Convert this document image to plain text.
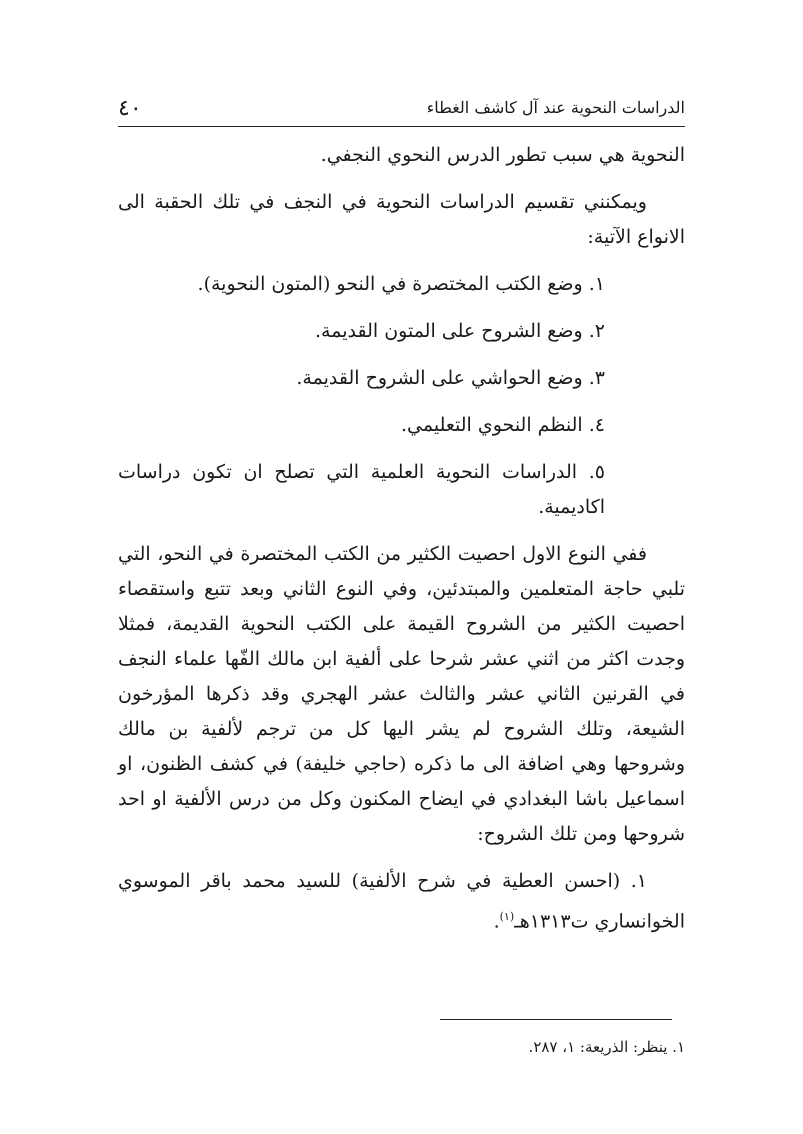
٤٠	الدراسات النحوية عند آل كاشف الغطاء

النحوية هي سبب تطور الدرس النحوي النجفي.

ويمكنني تقسيم الدراسات النحوية في النجف في تلك الحقبة الى الانواع الآتية:

١. وضع الكتب المختصرة في النحو (المتون النحوية).

٢. وضع الشروح على المتون القديمة.

٣. وضع الحواشي على الشروح القديمة.

٤. النظم النحوي التعليمي.

٥. الدراسات النحوية العلمية التي تصلح ان تكون دراسات اكاديمية.

ففي النوع الاول احصيت الكثير من الكتب المختصرة في النحو، التي تلبي حاجة المتعلمين والمبتدئين، وفي النوع الثاني وبعد تتبع واستقصاء احصيت الكثير من الشروح القيمة على الكتب النحوية القديمة، فمثلا وجدت اكثر من اثني عشر شرحا على ألفية ابن مالك الفّها علماء النجف في القرنين الثاني عشر والثالث عشر الهجري وقد ذكرها المؤرخون الشيعة، وتلك الشروح لم يشر اليها كل من ترجم لألفية بن مالك وشروحها وهي اضافة الى ما ذكره (حاجي خليفة) في كشف الظنون، او اسماعيل باشا البغدادي في ايضاح المكنون وكل من درس الألفية او احد شروحها ومن تلك الشروح:

١. (احسن العطية في شرح الألفية) للسيد محمد باقر الموسوي الخوانساري ت١٣١٣هـ$^{(١)}$.

١. ينظر: الذريعة: ١، ٢٨٧.
